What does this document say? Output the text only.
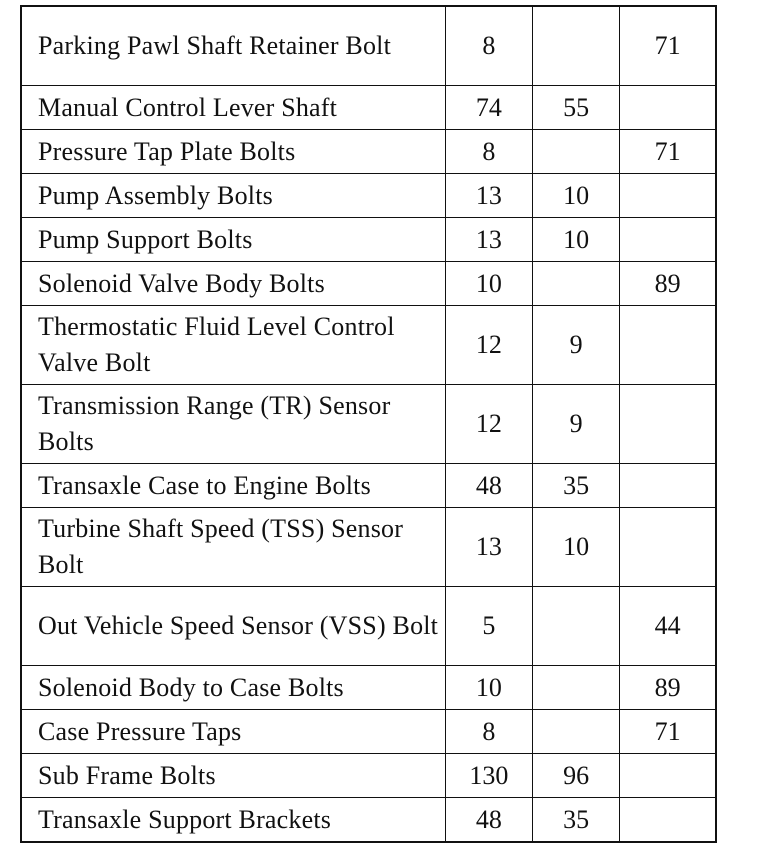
Parking Pawl Shaft Retainer Bolt	8		71
Manual Control Lever Shaft	74	55	
Pressure Tap Plate Bolts	8		71
Pump Assembly Bolts	13	10	
Pump Support Bolts	13	10	
Solenoid Valve Body Bolts	10		89
Thermostatic Fluid Level Control Valve Bolt	12	9	
Transmission Range (TR) Sensor Bolts	12	9	
Transaxle Case to Engine Bolts	48	35	
Turbine Shaft Speed (TSS) Sensor Bolt	13	10	
Out Vehicle Speed Sensor (VSS) Bolt	5		44
Solenoid Body to Case Bolts	10		89
Case Pressure Taps	8		71
Sub Frame Bolts	130	96	
Transaxle Support Brackets	48	35	
